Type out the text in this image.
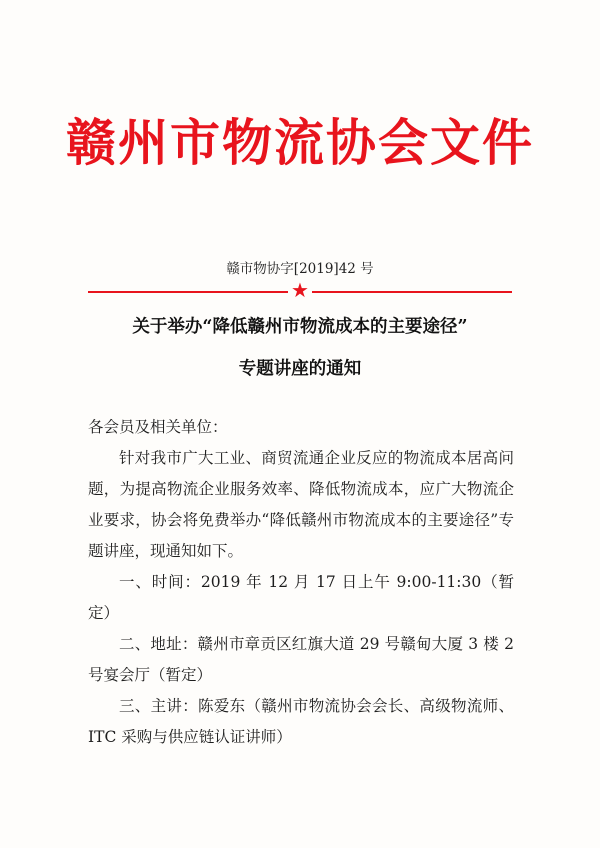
赣州市物流协会文件
赣市物协字[2019]42 号
★
关于举办“降低赣州市物流成本的主要途径”
专题讲座的通知

各会员及相关单位：

针对我市广大工业、商贸流通企业反应的物流成本居高问题，为提高物流企业服务效率、降低物流成本，应广大物流企业要求，协会将免费举办“降低赣州市物流成本的主要途径”专题讲座，现通知如下。

一、时间：2019 年 12 月 17 日上午 9:00-11:30（暂定）

二、地址：赣州市章贡区红旗大道 29 号赣甸大厦 3 楼 2 号宴会厅（暂定）

三、主讲：陈爱东（赣州市物流协会会长、高级物流师、ITC 采购与供应链认证讲师）
